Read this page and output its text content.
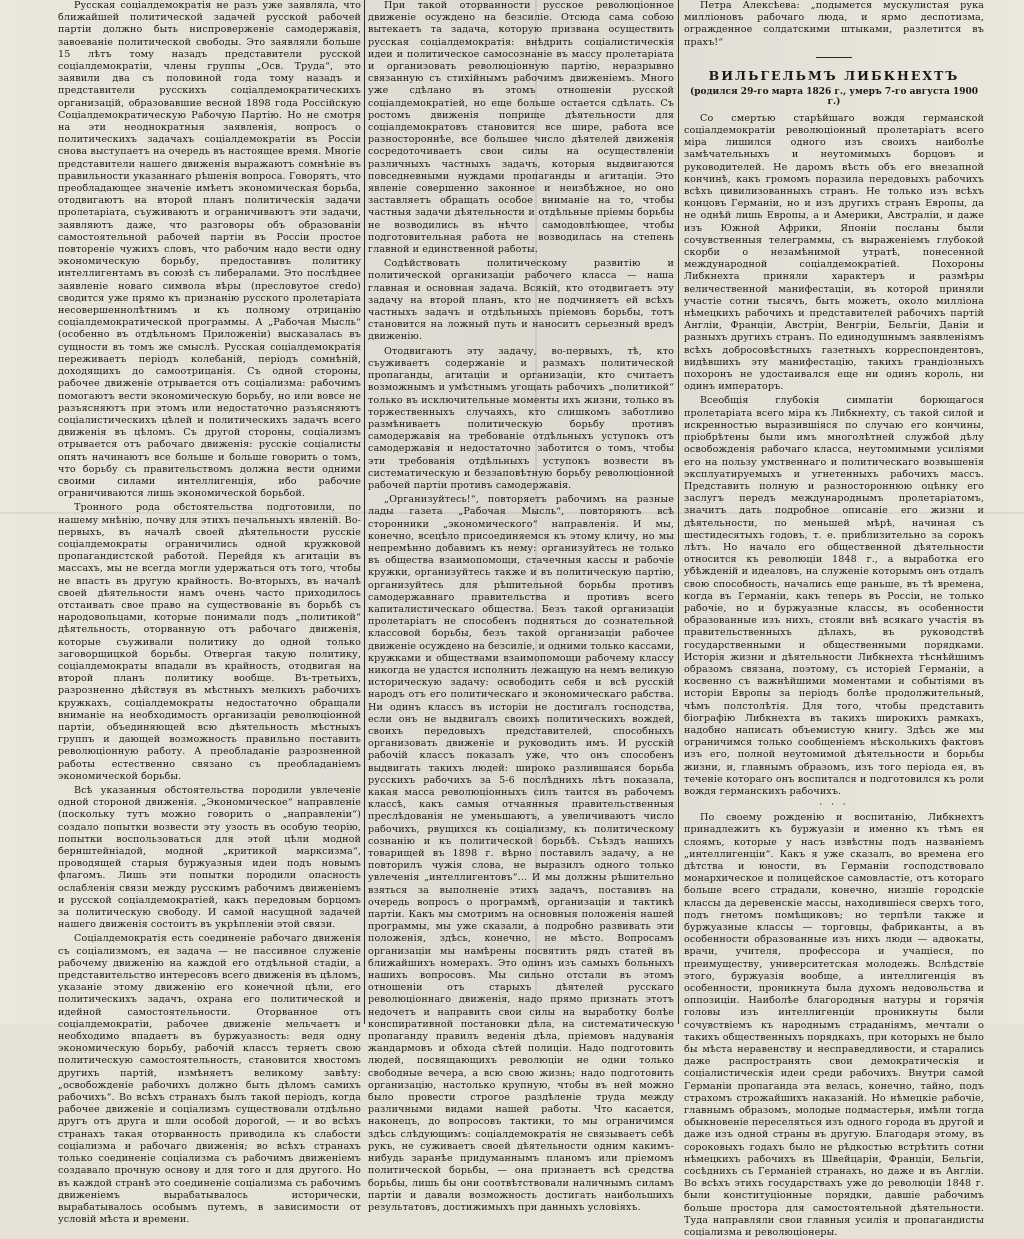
Русская соціалдемократія не разъ уже заявляла, что ближайшей политической задачей русской рабочей партіи должно быть ниспроверженіе самодержавія, завоеваніе политической свободы. Это заявляли больше 15 лѣтъ тому назадъ представители русской соціалдемократіи, члены группы „Осв. Труда“, это заявили два съ половиной года тому назадъ и представители русскихъ соціалдемократическихъ организацій, образовавшие весной 1898 года Россійскую Соціалдемократическую Рабочую Партію. Но не смотря на эти неоднократныя заявленія, вопросъ о политическихъ задачахъ соціалдемократіи въ Россіи снова выступаетъ на очередь въ настоящее время. Многіе представители нашего движенія выражаютъ сомнѣніе въ правильности указаннаго рѣшенія вопроса. Говорятъ, что преобладающее значеніе имѣетъ экономическая борьба, отодвигаютъ на второй планъ политическія задачи пролетаріата, съуживаютъ и ограничиваютъ эти задачи, заявляютъ даже, что разговоры объ образованіи самостоятельной рабочей партіи въ Россіи простое повтореніе чужихъ словъ, что рабочим надо вести одну экономическую борьбу, предоставивъ политику интеллигентамъ въ союзѣ съ либералами. Это послѣднее заявленіе новаго символа вѣры (пресловутое credo) сводится уже прямо къ признанію русского пролетаріата несовершеннолѣтнимъ и къ полному отрицанію соціалдемократической программы. А „Рабочая Мысль“ (особенно въ отдѣльномъ Приложеніи) высказалась въ сущности въ томъ же смыслѣ. Русская соціалдемократія переживаетъ періодъ колебаній, періодъ сомнѣній, доходящихъ до самоотрицанія. Съ одной стороны, рабочее движеніе отрывается отъ соціализма: рабочимъ помогаютъ вести экономическую борьбу, но или вовсе не разъясняютъ при этомъ или недостаточно разъясняютъ соціалистическихъ цѣлей и политическихъ задачъ всего движенія въ цѣломъ. Съ другой стороны, соціализмъ отрывается отъ рабочаго движенія: русскіе соціалисты опять начинаютъ все больше и больше говорить о томъ, что борьбу съ правительствомъ должна вести одними своими силами интеллигенція, ибо рабочие ограничиваются лишь экономической борьбой.

Тронного рода обстоятельства подготовили, по нашему мнѣнію, почву для этихъ печальныхъ явленій. Во-первыхъ, въ началѣ своей дѣятельности русскіе соціалдемократы ограничились одной кружковой пропагандистской работой. Перейдя къ агитаціи въ массахъ, мы не всегда могли удержаться отъ того, чтобы не впасть въ другую крайность. Во-вторыхъ, въ началѣ своей дѣятельности намъ очень часто приходилось отстаивать свое право на существованіе въ борьбѣ съ народовольцами, которые понимали подъ „политикой“ дѣятельность, оторванную отъ рабочаго движенія, которые съуживали политику до одной только заговорщицкой борьбы. Отвергая такую политику, соціалдемократы впадали въ крайность, отодвигая на второй планъ политику вообще. Въ-третьихъ, разрозненно дѣйствуя въ мѣстныхъ мелкихъ рабочихъ кружкахъ, соціалдемократы недостаточно обращали вниманіе на необходимость организаціи революціонной партіи, объединяющей всю дѣятельность мѣстныхъ группъ и дающей возможность правильно поставить революціонную работу. А преобладаніе разрозненной работы естественно связано съ преобладаніемъ экономической борьбы.

Всѣ указанныя обстоятельства породили увлеченіе одной стороной движенія. „Экономическое“ направленіе (поскольку тутъ можно говорить о „направленіи“) создало попытки возвести эту узость въ особую теорію, попытки воспользоваться для этой цѣли модной бернштейніадой, модной „критикой марксизма“, проводящей старыя буржуазныя идеи подъ новымъ флагомъ. Лишь эти попытки породили опасность ослабленія связи между русскимъ рабочимъ движеніемъ и русской соціалдемократіей, какъ передовым борцомъ за политическую свободу. И самой насущной задачей нашего движенія состоитъ въ укрѣпленіи этой связи.

Соціалдемократія есть соединеніе рабочаго движенія съ соціализмомъ, ея задача — не пассивное служеніе рабочему движенію на каждой его отдѣльной стадіи, а представительство интересовъ всего движенія въ цѣломъ, указаніе этому движенію его конечной цѣли, его политическихъ задачъ, охрана его политической и идейной самостоятельности. Оторванное отъ соціалдемократіи, рабочее движеніе мельчаетъ и необходимо впадаетъ въ буржуазность: ведя одну экономическую борьбу, рабочій классъ теряетъ свою политическую самостоятельность, становится хвостомъ другихъ партій, измѣняетъ великому завѣту: „освобожденіе рабочихъ должно быть дѣломъ самихъ рабочихъ“. Во всѣхъ странахъ былъ такой періодъ, когда рабочее движеніе и соціализмъ существовали отдѣльно другъ отъ друга и шли особой дорогой, — и во всѣхъ странахъ такая оторванность приводила къ слабости соціализма и рабочаго движенія; во всѣхъ странахъ только соединеніе соціализма съ рабочимъ движеніемъ создавало прочную основу и для того и для другого. Но въ каждой странѣ это соединеніе соціализма съ рабочимъ движеніемъ вырабатывалось исторически, вырабатывалось особымъ путемъ, в зависимости от условій мѣста и времени.

При такой оторванности русское революціонное движеніе осуждено на безсиліе. Отсюда сама собою вытекаетъ та задача, которую призвана осуществить русская соціалдемократія: внѣдрить соціалистическія идеи и политическое самосознаніе въ массу пролетаріата и организовать революціонную партію, неразрывно связанную съ стихійнымъ рабочимъ движеніемъ. Много уже сдѣлано въ этомъ отношеніи русской соціалдемократіей, но еще больше остается сдѣлать. Съ ростомъ движенія поприще дѣятельности для соціалдемократовъ становится все шире, работа все разностороннѣе, все большее число дѣятелей движенія сосредоточиваетъ свои силы на осуществленіи различныхъ частныхъ задачъ, которыя выдвигаются повседневными нуждами пропаганды и агитаціи. Это явленіе совершенно законное и неизбѣжное, но оно заставляетъ обращать особое вниманіе на то, чтобы частныя задачи дѣятельности и отдѣльные пріемы борьбы не возводились въ нѣчто самодовлѣющее, чтобы подготовительная работа не возводилась на степень главной и единственной работы.

Содѣйствовать политическому развитію и политической организаціи рабочего класса — наша главная и основная задача. Всякій, кто отодвигаетъ эту задачу на второй планъ, кто не подчиняетъ ей всѣхъ частныхъ задачъ и отдѣльныхъ пріемовъ борьбы, тотъ становится на ложный путь и наноситъ серьезный вредъ движенію.

Отодвигаютъ эту задачу, во-первыхъ, тѣ, кто съуживаетъ содержаніе и размахъ политической пропаганды, агитаціи и организаціи, кто считаетъ возможнымъ и умѣстнымъ угощать рабочихъ „политикой“ только въ исключительные моменты ихъ жизни, только въ торжественныхъ случаяхъ, кто слишкомъ заботливо размѣниваетъ политическую борьбу противъ самодержавія на требованіе отдѣльныхъ уступокъ отъ самодержавія и недостаточно заботится о томъ, чтобы эти требованія отдѣльныхъ уступокъ возвести въ систематическую и беззаповѣтную борьбу революціонной рабочей партіи противъ самодержавія.

„Организуйтесь!“, повторяетъ рабочимъ на разные лады газета „Рабочая Мысль“, повторяютъ всѣ сторонники „экономического“ направленія. И мы, конечно, всецѣло присоединяемся къ этому кличу, но мы непремѣнно добавимъ къ нему: организуйтесь не только въ общества взаимопомощи, стачечныя кассы и рабочіе кружки, организуйтесь также и въ политическую партію, организуйтесь для рѣшительной борьбы противъ самодержавнаго правительства и противъ всего капиталистическаго общества. Безъ такой организаціи пролетаріатъ не способенъ подняться до сознательной классовой борьбы, безъ такой организаціи рабочее движеніе осуждено на безсиліе, и одними только кассами, кружками и обществами взаимопомощи рабочему классу никогда не удастся исполнить лежащую на немъ великую историческую задачу: освободить себя и всѣ русскій народъ отъ его политическаго и экономическаго рабства. Ни одинъ классъ въ исторіи не достигалъ господства, если онъ не выдвигалъ своихъ политическихъ вождей, своихъ передовыхъ представителей, способныхъ организовать движеніе и руководить имъ. И русскій рабочій классъ показалъ уже, что онъ способенъ выдвигать такихъ людей: широко разлившаяся борьба русскихъ рабочихъ за 5-6 послѣднихъ лѣтъ показала, какая масса революціонныхъ силъ таится въ рабочемъ классѣ, какъ самыя отчаянныя правительственныя преслѣдованія не уменьшаютъ, а увеличиваютъ число рабочихъ, рвущихся къ соціализму, къ политическому сознанію и къ политической борьбѣ. Съѣздъ нашихъ товарищей въ 1898 г. вѣрно поставилъ задачу, а не повторилъ чужія слова, не выразилъ одного только увлеченія „интеллигентовъ“... И мы должны рѣшительно взяться за выполненіе этихъ задачъ, поставивъ на очередь вопросъ о программѣ, организаціи и тактикѣ партіи. Какъ мы смотримъ на основныя положенія нашей программы, мы уже сказали, а подробно развивать эти положенія, здѣсь, конечно, не мѣсто. Вопросамъ организаціи мы намѣрены посвятить рядъ статей въ ближайшихъ номерахъ. Это одинъ изъ самыхъ больныхъ нашихъ вопросовъ. Мы сильно отстали въ этомъ отношеніи отъ старыхъ дѣятелей русскаго революціоннаго движенія, надо прямо признать этотъ недочетъ и направить свои силы на выработку болѣе конспиративной постановки дѣла, на систематическую пропаганду правилъ веденія дѣла, пріемовъ надуванія жандармовъ и обхода сѣтей полиціи. Надо подготовить людей, посвящающихъ революціи не одни только свободные вечера, а всю свою жизнь; надо подготовить организацію, настолько крупную, чтобы въ ней можно было провести строгое раздѣленіе труда между различными видами нашей работы. Что касается, наконецъ, до вопросовъ тактики, то мы ограничимся здѣсь слѣдующимъ: соціалдемократія не связываетъ себѣ рукъ, не суживаетъ своей дѣятельности одним какимъ-нибудь заранѣе придуманнымъ планомъ или пріемомъ политической борьбы, — она признаетъ всѣ средства борьбы, лишь бы они соотвѣтствовали наличнымъ силамъ партіи и давали возможность достигать наибольшихъ результатовъ, достижимыхъ при данныхъ условіяхъ.

Петра Алексѣева: „подымется мускулистая рука милліоновъ рабочаго люда, и ярмо деспотизма, огражденное солдатскими штыками, разлетится въ прахъ!“

ВИЛЬГЕЛЬМЪ ЛИБКНЕХТЪ
(родился 29-го марта 1826 г., умеръ 7-го августа 1900 г.)

Со смертью старѣйшаго вождя германской соціалдемократіи революціонный пролетаріатъ всего міра лишился одного изъ своихъ наиболѣе замѣчательныхъ и неутомимыхъ борцовъ и руководителей. Не даромъ вѣсть объ его внезапной кончинѣ, какъ громомъ поразила передовыхъ рабочихъ всѣхъ цивилизованныхъ странъ. Не только изъ всѣхъ концовъ Германіи, но и изъ другихъ странъ Европы, да не однѣй лишь Европы, а и Америки, Австраліи, и даже изъ Южной Африки, Японіи посланы были сочувственныя телеграммы, съ выраженіемъ глубокой скорби о незамѣнимой утратѣ, понесенной международной соціалдемократіей. Похороны Либкнехта приняли характеръ и размѣры величественной манифестаціи, въ которой приняли участіе сотни тысячъ, быть можетъ, около милліона нѣмецкихъ рабочихъ и представителей рабочихъ партій Англіи, Франціи, Австріи, Венгріи, Бельгіи, Даніи и разныхъ другихъ странъ. По единодушнымъ заявленіямъ всѣхъ добросовѣстныхъ газетныхъ корреспондентовъ, видѣвшихъ эту манифестацію, такихъ грандіозныхъ похоронъ не удостаивался еще ни одинъ король, ни одинъ императоръ.

Всеобщія глубокія симпатіи борющагося пролетаріата всего міра къ Либкнехту, съ такой силой и искренностью выразившіяся по случаю его кончины, пріобрѣтены были имъ многолѣтней службой дѣлу освобожденія рабочаго класса, неутомимыми усиліями его на пользу умственнаго и политическаго возвышенія эксплуатируемыхъ и угнетенныхъ рабочихъ массъ. Представить полную и разностороннюю оцѣнку его заслугъ передъ международнымъ пролетаріатомъ, значитъ дать подробное описаніе его жизни и дѣятельности, по меньшей мѣрѣ, начиная съ шестидесятыхъ годовъ, т. е. приблизительно за сорокъ лѣтъ. Но начало его общественной дѣятельности относится къ революціи 1848 г., а выработка его убѣжденій и идеаловъ, на служеніе которымъ онъ отдалъ свою способность, начались еще раньше, въ тѣ времена, когда въ Германіи, какъ теперь въ Россіи, не только рабочіе, но и буржуазные классы, въ особенности образованные изъ нихъ, стояли внѣ всякаго участія въ правительственныхъ дѣлахъ, въ руководствѣ государственными и общественными порядками. Исторія жизни и дѣятельности Либкнехта тѣснѣйшимъ образомъ связана, поэтому, съ исторіей Германіи, а косвенно съ важнѣйшими моментами и событіями въ исторіи Европы за періодъ болѣе продолжительный, чѣмъ полстолѣтія. Для того, чтобы представить біографію Либкнехта въ такихъ широкихъ рамкахъ, надобно написать объемистую книгу. Здѣсь же мы ограничимся только сообщеніемъ нѣсколькихъ фактовъ изъ его, полной неутомимой дѣятельности и борьбы жизни, и, главнымъ образомъ, изъ того періода ея, въ теченіе котораго онъ воспитался и подготовился къ роли вождя германскихъ рабочихъ.

· · ·

По своему рожденію и воспитанію, Либкнехтъ принадлежитъ къ буржуазіи и именно къ тѣмъ ея слоямъ, которые у насъ извѣстны подъ названіемъ „интеллигенціи“. Какъ я уже сказалъ, во времена его дѣтства и юности, въ Германіи господствовало монархическое и полицейское самовластіе, отъ котораго больше всего страдали, конечно, низшіе городскіе классы да деревенскіе массы, находившіеся сверхъ того, подъ гнетомъ помѣщиковъ; но терпѣли также и буржуазные классы — торговцы, фабриканты, а въ особенности образованные изъ нихъ люди — адвокаты, врачи, учителя, профессора и учащіеся, по преимуществу, университетская молодежь. Вслѣдствіе этого, буржуазія вообще, а интеллигенція въ особенности, проникнута была духомъ недовольства и оппозиціи. Наиболѣе благородныя натуры и горячія головы изъ интеллигенціи проникнуты были сочувствіемъ къ народнымъ страданіямъ, мечтали о такихъ общественныхъ порядкахъ, при которыхъ не было бы мѣста неравенству и несправедливости, и старались даже распространять свои демократическія и соціалистическія идеи среди рабочихъ. Внутри самой Германіи пропаганда эта велась, конечно, тайно, подъ страхомъ строжайшихъ наказаній. Но нѣмецкіе рабочіе, главнымъ образомъ, молодые подмастерья, имѣли тогда обыкновеніе переселяться изъ одного города въ другой и даже изъ одной страны въ другую. Благодаря этому, въ сороковыхъ годахъ было не рѣдкостью встрѣтить сотни нѣмецкихъ рабочихъ въ Швейцаріи, Франціи, Бельгіи, сосѣднихъ съ Германіей странахъ, но даже и въ Англіи. Во всѣхъ этихъ государствахъ уже до революціи 1848 г. были конституціонные порядки, давшіе рабочимъ больше простора для самостоятельной дѣятельности. Туда направляли свои главныя усилія и пропагандисты соціализма и революціонеры.
